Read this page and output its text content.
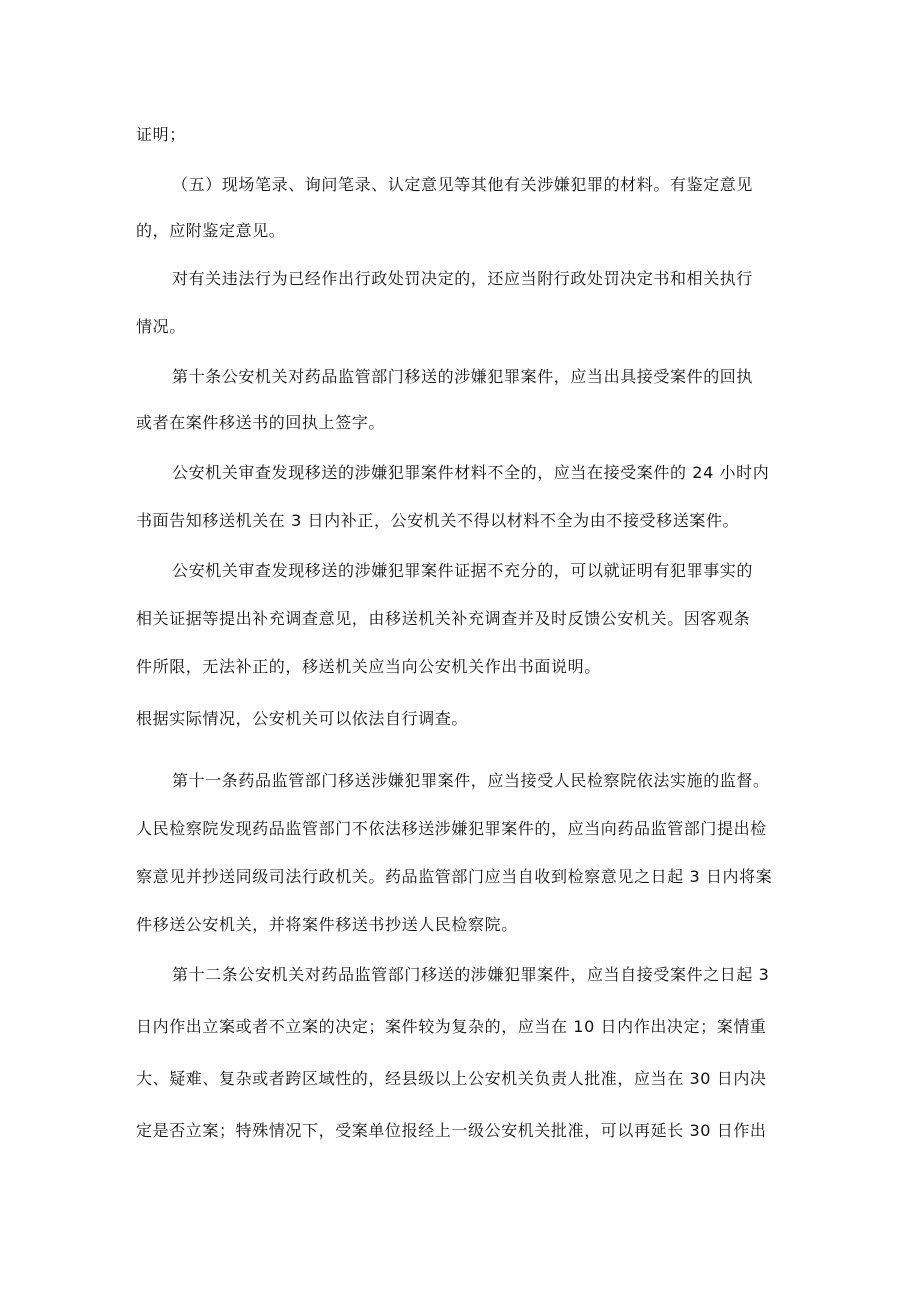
证明；
（五）现场笔录、询问笔录、认定意见等其他有关涉嫌犯罪的材料。有鉴定意见
的，应附鉴定意见。
对有关违法行为已经作出行政处罚决定的，还应当附行政处罚决定书和相关执行
情况。
第十条公安机关对药品监管部门移送的涉嫌犯罪案件，应当出具接受案件的回执
或者在案件移送书的回执上签字。
公安机关审查发现移送的涉嫌犯罪案件材料不全的，应当在接受案件的 24 小时内
书面告知移送机关在 3 日内补正，公安机关不得以材料不全为由不接受移送案件。
公安机关审查发现移送的涉嫌犯罪案件证据不充分的，可以就证明有犯罪事实的
相关证据等提出补充调查意见，由移送机关补充调查并及时反馈公安机关。因客观条
件所限，无法补正的，移送机关应当向公安机关作出书面说明。
根据实际情况，公安机关可以依法自行调查。
第十一条药品监管部门移送涉嫌犯罪案件，应当接受人民检察院依法实施的监督。
人民检察院发现药品监管部门不依法移送涉嫌犯罪案件的，应当向药品监管部门提出检
察意见并抄送同级司法行政机关。药品监管部门应当自收到检察意见之日起 3 日内将案
件移送公安机关，并将案件移送书抄送人民检察院。
第十二条公安机关对药品监管部门移送的涉嫌犯罪案件，应当自接受案件之日起 3
日内作出立案或者不立案的决定；案件较为复杂的，应当在 10 日内作出决定；案情重
大、疑难、复杂或者跨区域性的，经县级以上公安机关负责人批准，应当在 30 日内决
定是否立案；特殊情况下，受案单位报经上一级公安机关批准，可以再延长 30 日作出
